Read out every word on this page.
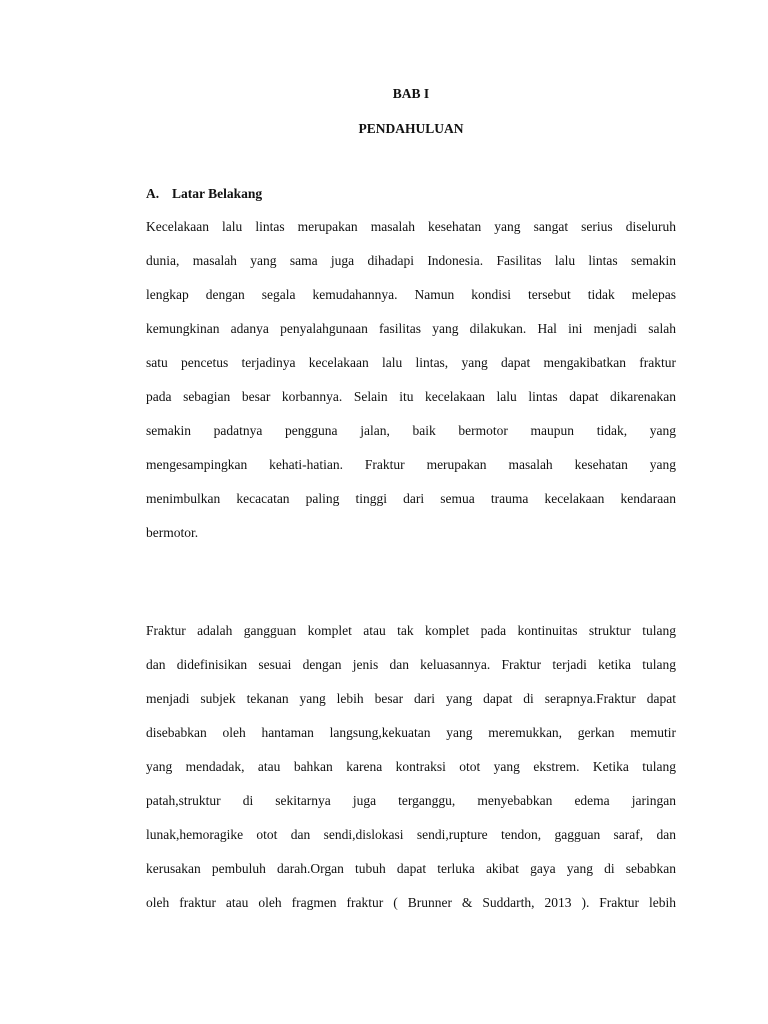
BAB I
PENDAHULUAN
A. Latar Belakang
Kecelakaan lalu lintas merupakan masalah kesehatan yang sangat serius diseluruh
dunia, masalah yang sama juga dihadapi Indonesia. Fasilitas lalu lintas semakin
lengkap dengan segala kemudahannya. Namun kondisi tersebut tidak melepas
kemungkinan adanya penyalahgunaan fasilitas yang dilakukan. Hal ini menjadi salah
satu pencetus terjadinya kecelakaan lalu lintas, yang dapat mengakibatkan fraktur
pada sebagian besar korbannya. Selain itu kecelakaan lalu lintas dapat dikarenakan
semakin padatnya pengguna jalan, baik bermotor maupun tidak, yang
mengesampingkan kehati-hatian. Fraktur merupakan masalah kesehatan yang
menimbulkan kecacatan paling tinggi dari semua trauma kecelakaan kendaraan
bermotor.
Fraktur adalah gangguan komplet atau tak komplet pada kontinuitas struktur tulang
dan didefinisikan sesuai dengan jenis dan keluasannya. Fraktur terjadi ketika tulang
menjadi subjek tekanan yang lebih besar dari yang dapat di serapnya.Fraktur dapat
disebabkan oleh hantaman langsung,kekuatan yang meremukkan, gerkan memutir
yang mendadak, atau bahkan karena kontraksi otot yang ekstrem. Ketika tulang
patah,struktur di sekitarnya juga terganggu, menyebabkan edema jaringan
lunak,hemoragike otot dan sendi,dislokasi sendi,rupture tendon, gagguan saraf, dan
kerusakan pembuluh darah.Organ tubuh dapat terluka akibat gaya yang di sebabkan
oleh fraktur atau oleh fragmen fraktur ( Brunner & Suddarth, 2013 ). Fraktur lebih
